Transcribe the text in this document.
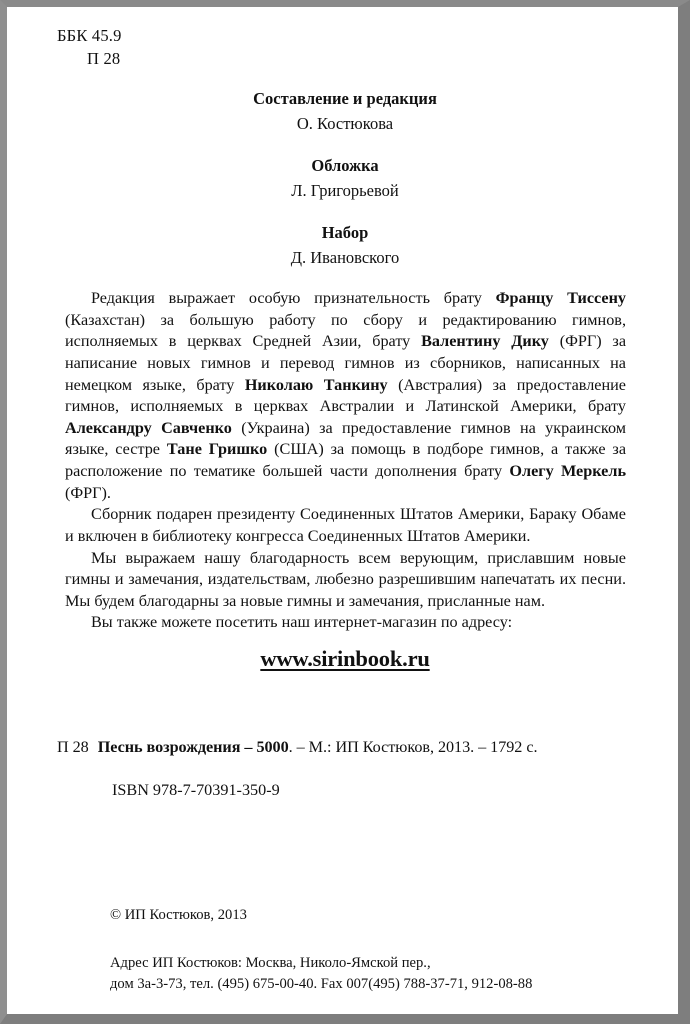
ББК 45.9
П 28
Составление и редакция
О. Костюкова
Обложка
Л. Григорьевой
Набор
Д. Ивановского

Редакция выражает особую признательность брату Францу Тиссену (Казахстан) за большую работу по сбору и редактированию гимнов, исполняемых в церквах Средней Азии, брату Валентину Дику (ФРГ) за написание новых гимнов и перевод гимнов из сборников, написанных на немецком языке, брату Николаю Танкину (Австралия) за предоставление гимнов, исполняемых в церквах Австралии и Латинской Америки, брату Александру Савченко (Украина) за предоставление гимнов на украинском языке, сестре Тане Гришко (США) за помощь в подборе гимнов, а также за расположение по тематике большей части дополнения брату Олегу Меркель (ФРГ).

Сборник подарен президенту Соединенных Штатов Америки, Бараку Обаме и включен в библиотеку конгресса Соединенных Штатов Америки.

Мы выражаем нашу благодарность всем верующим, приславшим новые гимны и замечания, издательствам, любезно разрешившим напечатать их песни. Мы будем благодарны за новые гимны и замечания, присланные нам.

Вы также можете посетить наш интернет-магазин по адресу:

www.sirinbook.ru
П 28 Песнь возрождения – 5000. – М.: ИП Костюков, 2013. – 1792 с.
ISBN 978-7-70391-350-9
© ИП Костюков, 2013
Адрес ИП Костюков: Москва, Николо-Ямской пер.,
дом 3а-3-73, тел. (495) 675-00-40. Fax 007(495) 788-37-71, 912-08-88
